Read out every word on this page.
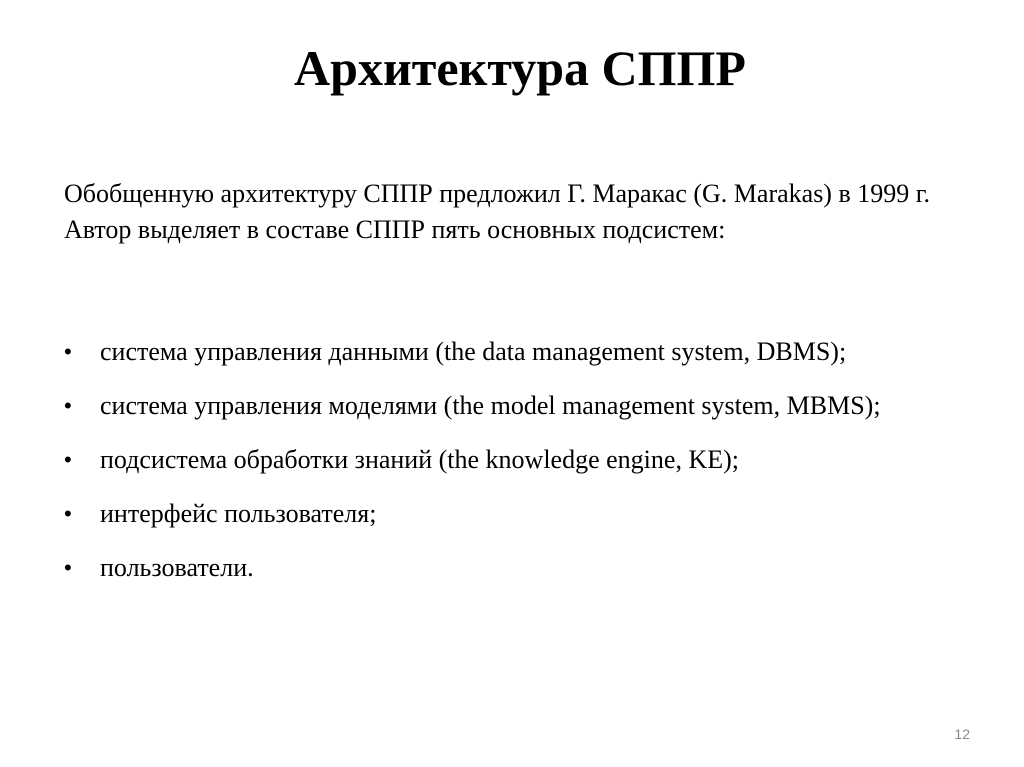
Архитектура СППР

Обобщенную архитектуру СППР предложил Г. Маракас (G. Marakas) в 1999 г. Автор выделяет в составе СППР пять основных подсистем:

• система управления данными (the data management system, DBMS);
• система управления моделями (the model management system, MBMS);
• подсистема обработки знаний (the knowledge engine, KE);
• интерфейс пользователя;
• пользователи.
12
